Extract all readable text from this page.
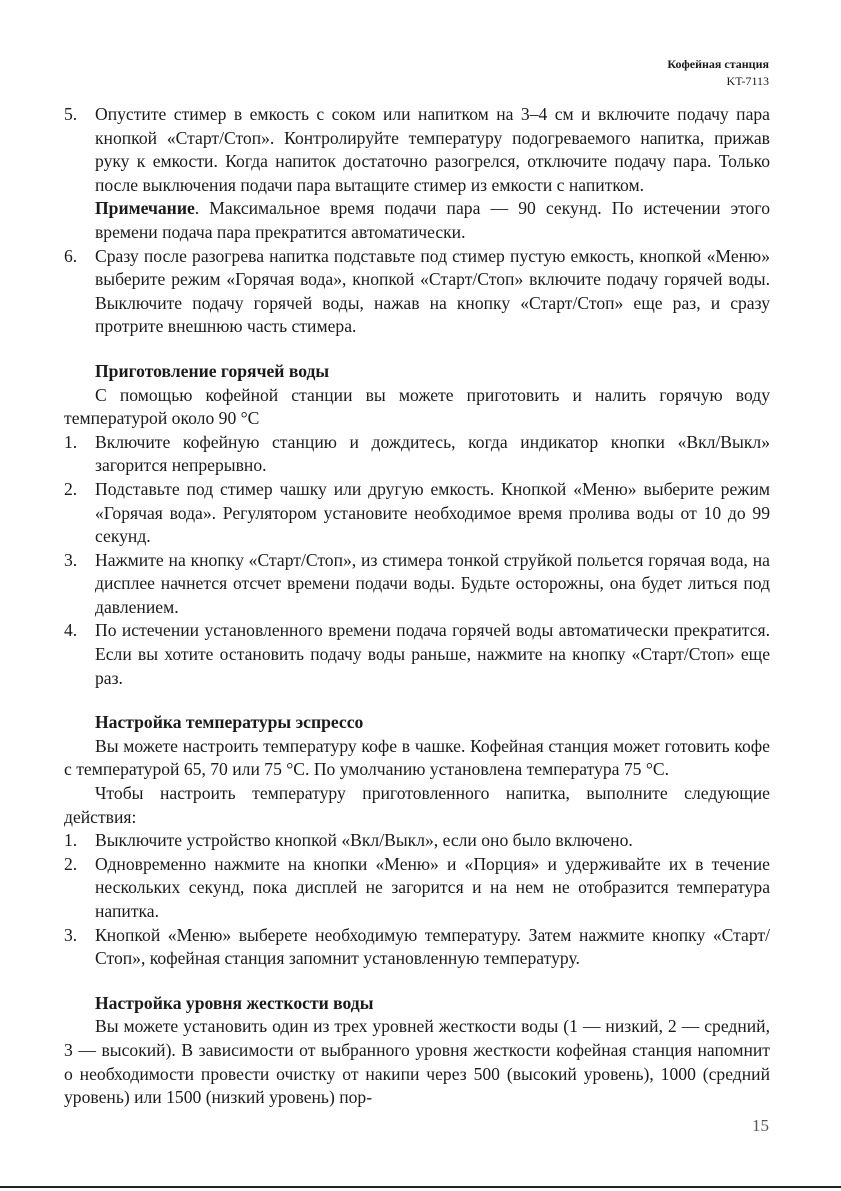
Кофейная станция
KT-7113
5.	Опустите стимер в емкость с соком или напитком на 3–4 см и включите подачу пара кнопкой «Старт/Стоп». Контролируйте температуру подогреваемого напитка, прижав руку к емкости. Когда напиток достаточно разогрелся, отключите подачу пара. Только после выключения подачи пара вытащите стимер из емкости с напитком.

Примечание. Максимальное время подачи пара — 90 секунд. По истечении этого времени подача пара прекратится автоматически.

6.	Сразу после разогрева напитка подставьте под стимер пустую емкость, кнопкой «Меню» выберите режим «Горячая вода», кнопкой «Старт/Стоп» включите подачу горячей воды. Выключите подачу горячей воды, нажав на кнопку «Старт/Стоп» еще раз, и сразу протрите внешнюю часть стимера.

Приготовление горячей воды

С помощью кофейной станции вы можете приготовить и налить горячую воду температурой около 90 °C

1.	Включите кофейную станцию и дождитесь, когда индикатор кнопки «Вкл/Выкл» загорится непрерывно.

2.	Подставьте под стимер чашку или другую емкость. Кнопкой «Меню» выберите режим «Горячая вода». Регулятором установите необходимое время пролива воды от 10 до 99 секунд.

3.	Нажмите на кнопку «Старт/Стоп», из стимера тонкой струйкой польется горячая вода, на дисплее начнется отсчет времени подачи воды. Будьте осторожны, она будет литься под давлением.

4.	По истечении установленного времени подача горячей воды автоматически прекратится. Если вы хотите остановить подачу воды раньше, нажмите на кнопку «Старт/Стоп» еще раз.

Настройка температуры эспрессо

Вы можете настроить температуру кофе в чашке. Кофейная станция может готовить кофе с температурой 65, 70 или 75 °C. По умолчанию установлена температура 75 °C.

Чтобы настроить температуру приготовленного напитка, выполните следующие действия:

1.	Выключите устройство кнопкой «Вкл/Выкл», если оно было включено.

2.	Одновременно нажмите на кнопки «Меню» и «Порция» и удерживайте их в течение нескольких секунд, пока дисплей не загорится и на нем не отобразится температура напитка.

3.	Кнопкой «Меню» выберете необходимую температуру. Затем нажмите кнопку «Старт/Стоп», кофейная станция запомнит установленную температуру.

Настройка уровня жесткости воды

Вы можете установить один из трех уровней жесткости воды (1 — низкий, 2 — средний, 3 — высокий). В зависимости от выбранного уровня жесткости кофейная станция напомнит о необходимости провести очистку от накипи через 500 (высокий уровень), 1000 (средний уровень) или 1500 (низкий уровень) пор-

15
